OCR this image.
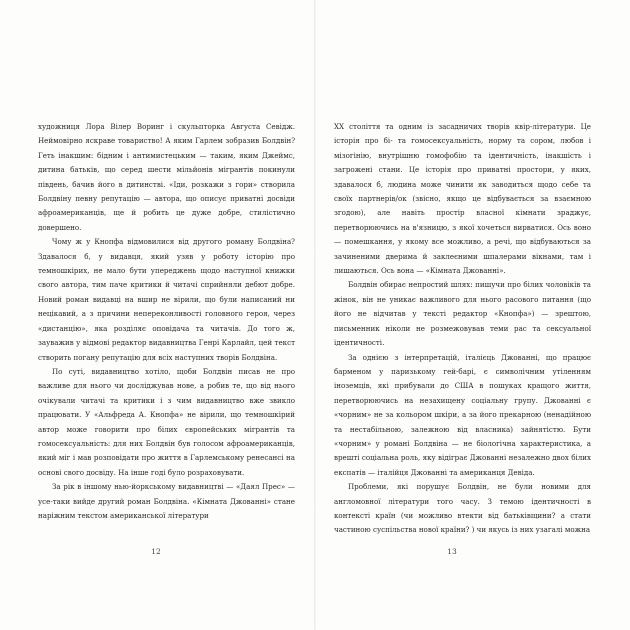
художниця Лора Вілер Воринг і скульпторка Августа Севідж. Неймовірно яскраве товариство! А яким Гарлем зобразив Болдвін? Геть інакшим: бідним і антимистецьким — таким, яким Джеймс, дитина батьків, що серед шести мільйонів мігрантів покинули південь, бачив його в дитинстві. «Іди, розкажи з гори» створила Болдвіну певну репутацію — автора, що описує приватні досвіди афроамериканців, ще й робить це дуже добре, стилістично довершено.

Чому ж у Кнопфа відмовилися від другого роману Болдвіна? Здавалося б, у видавця, який узяв у роботу історію про темношкірих, не мало бути упереджень щодо наступної книжки свого автора, тим паче критики й читачі сприйняли дебют добре. Новий роман видавці на вшир не вірили, що були написаний ни нецікавий, а з причини непереконливості головного героя, через «дистанцію», яка розділяє оповідача та читачів. До того ж, зауважив у відмові редактор видавництва Генрі Карлайл, цей текст створить погану репутацію для всіх наступних творів Болдвіна.

По суті, видавництво хотіло, щоби Болдвін писав не про важливе для нього чи досліджував нове, а робив те, що від нього очікували читачі та критики і з чим видавництво вже звикло працювати. У «Альфреда А. Кнопфа» не вірили, що темношкірий автор може говорити про білих європейських мігрантів та гомосексуальність: для них Болдвін був голосом афроамериканців, який міг і мав розповідати про життя в Гарлемському ренесансі на основі свого досвіду. На інше годі було розраховувати.

За рік в іншому нью-йоркському видавництві — «Даял Прес» — усе-таки вийде другий роман Болдвіна. «Кімната Джованні» стане наріжним текстом американської літератури

12

XX століття та одним із засадничих творів квір-літератури. Це історія про бі- та гомосексуальність, норму та сором, любов і мізогінію, внутрішню гомофобію та ідентичність, інакшість і загрожені стани. Це історія про приватні простори, у яких, здавалося б, людина може чинити як заводиться щодо себе та своїх партнерів/ок (звісно, якщо це відбувається за взаємною згодою), але навіть простір власної кімнати зраджує, перетворюючись на в'язницю, з якої хочеться вирватися. Ось воно — помешкання, у якому все можливо, а речі, що відбуваються за зачиненими дверима й заклеєними шпалерами вікнами, там і лишаються. Ось вона — «Кімната Джованні».

Болдвін обирає непростий шлях: пишучи про білих чоловіків та жінок, він не уникає важливого для нього расового питання (що його не відчитав у тексті редактор «Кнопфа») — зрештою, письменник ніколи не розмежовував теми рас та сексуальної ідентичності.

За однією з інтерпретацій, італієць Джованні, що працює барменом у паризькому гей-барі, є символічним утіленням іноземців, які прибували до США в пошуках кращого життя, перетворюючись на незахищену соціальну групу. Джованні є «чорним» не за кольором шкіри, а за його прекарною (ненадійною та нестабільною, залежною від власника) зайнятістю. Бути «чорним» у романі Болдвіна — не біологічна характеристика, а врешті соціальна роль, яку відіграє Джованні незалежно двох білих експатів — італійця Джованні та американця Девіда.

Проблеми, які порушує Болдвін, не були новими для англомовної літератури того часу. З темою ідентичності в контексті країн (чи можливо втекти від батьківщини? а стати частиною суспільства нової країни? ) чи якусь із них узагалі можна

13
